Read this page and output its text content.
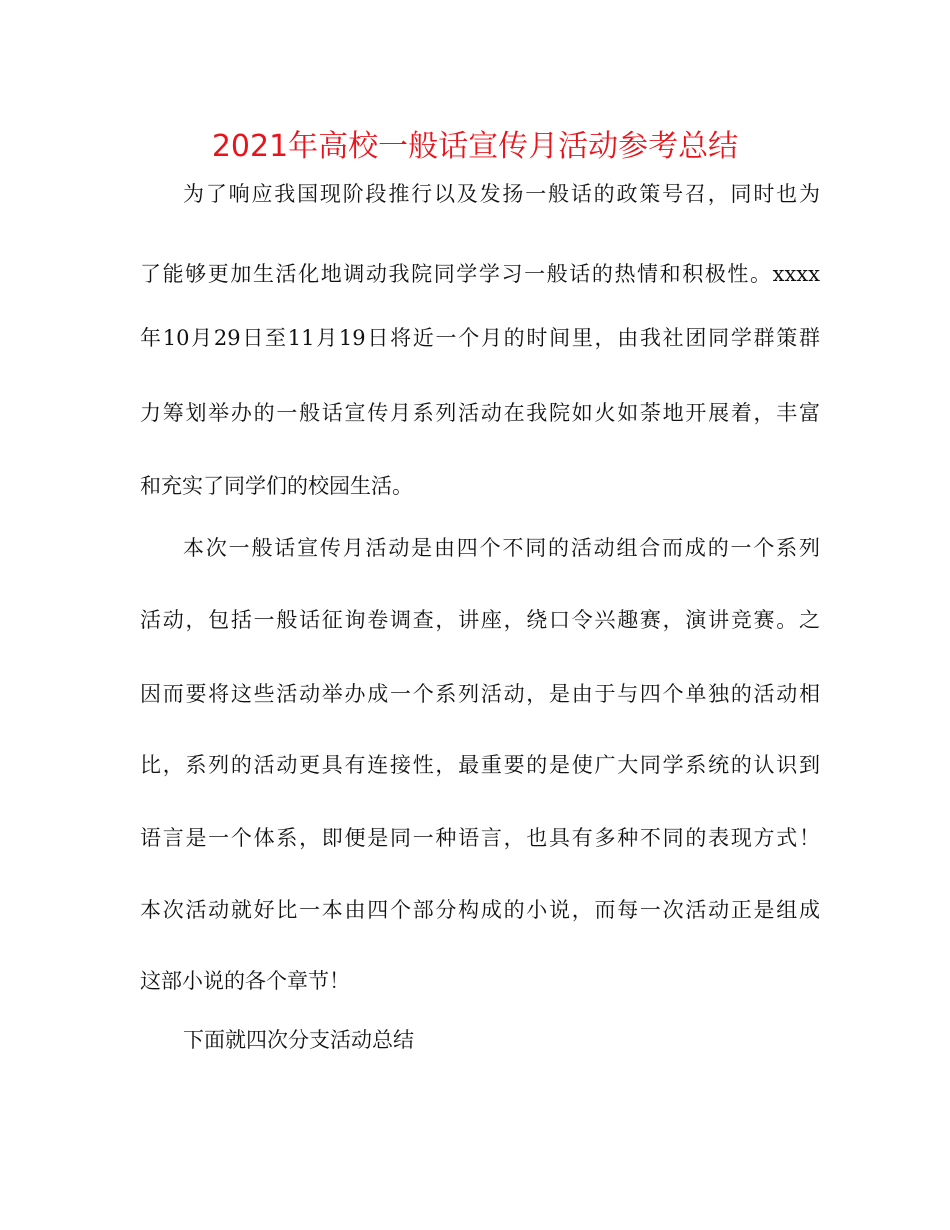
2021年高校一般话宣传月活动参考总结
为了响应我国现阶段推行以及发扬一般话的政策号召，同时也为
了能够更加生活化地调动我院同学学习一般话的热情和积极性。xxxx
年10月29日至11月19日将近一个月的时间里，由我社团同学群策群
力筹划举办的一般话宣传月系列活动在我院如火如荼地开展着，丰富
和充实了同学们的校园生活。
本次一般话宣传月活动是由四个不同的活动组合而成的一个系列
活动，包括一般话征询卷调查，讲座，绕口令兴趣赛，演讲竞赛。之
因而要将这些活动举办成一个系列活动，是由于与四个单独的活动相
比，系列的活动更具有连接性，最重要的是使广大同学系统的认识到
语言是一个体系，即便是同一种语言，也具有多种不同的表现方式！
本次活动就好比一本由四个部分构成的小说，而每一次活动正是组成
这部小说的各个章节！
下面就四次分支活动总结
